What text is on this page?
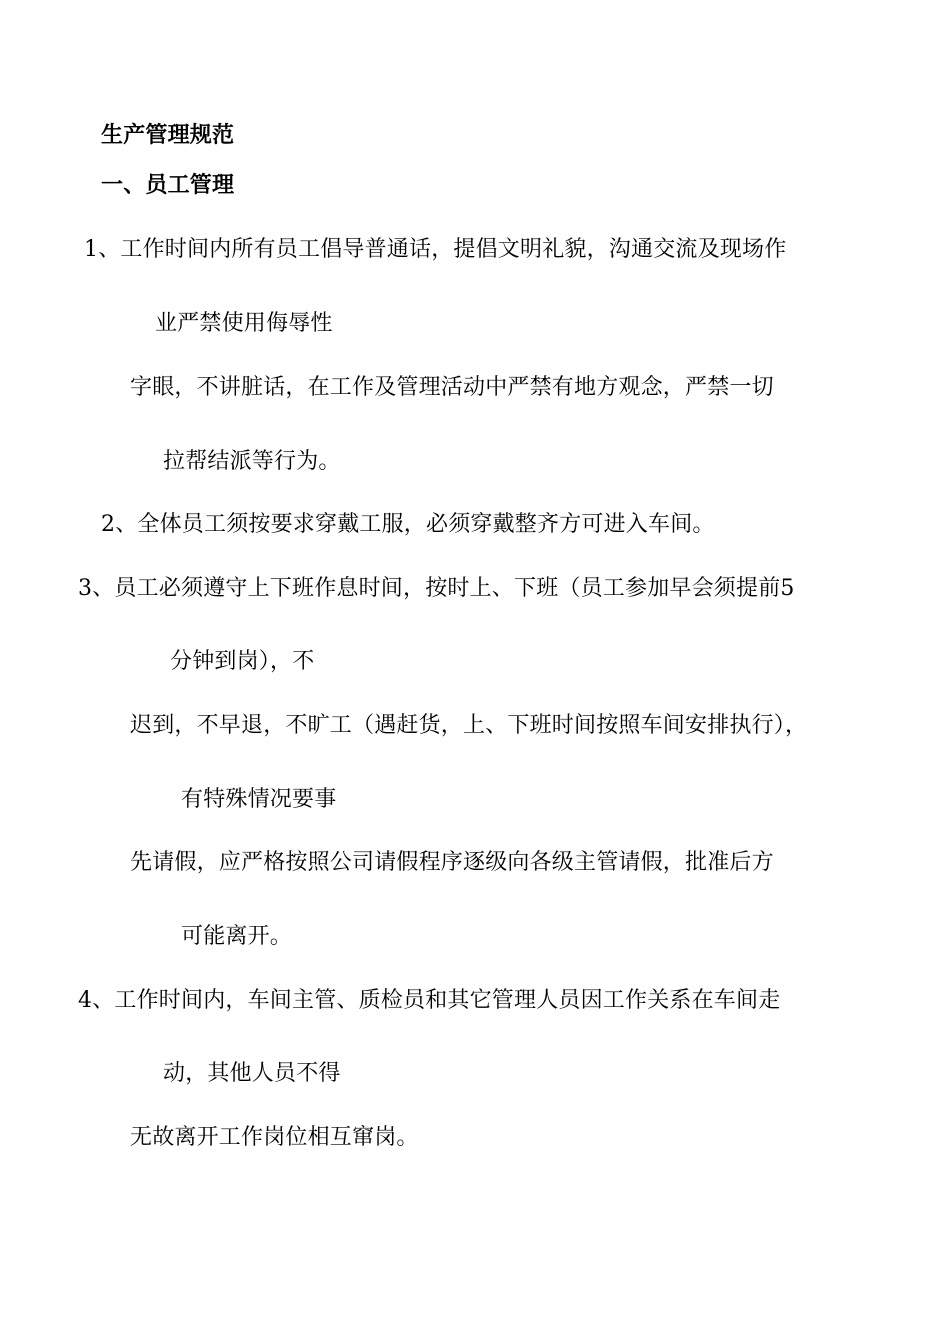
生产管理规范
一、员工管理
1、工作时间内所有员工倡导普通话，提倡文明礼貌，沟通交流及现场作
业严禁使用侮辱性
字眼，不讲脏话，在工作及管理活动中严禁有地方观念，严禁一切
拉帮结派等行为。
2、全体员工须按要求穿戴工服，必须穿戴整齐方可进入车间。
3、员工必须遵守上下班作息时间，按时上、下班（员工参加早会须提前5
分钟到岗），不
迟到，不早退，不旷工（遇赶货，上、下班时间按照车间安排执行），
有特殊情况要事
先请假，应严格按照公司请假程序逐级向各级主管请假，批准后方
可能离开。
4、工作时间内，车间主管、质检员和其它管理人员因工作关系在车间走
动，其他人员不得
无故离开工作岗位相互窜岗。
